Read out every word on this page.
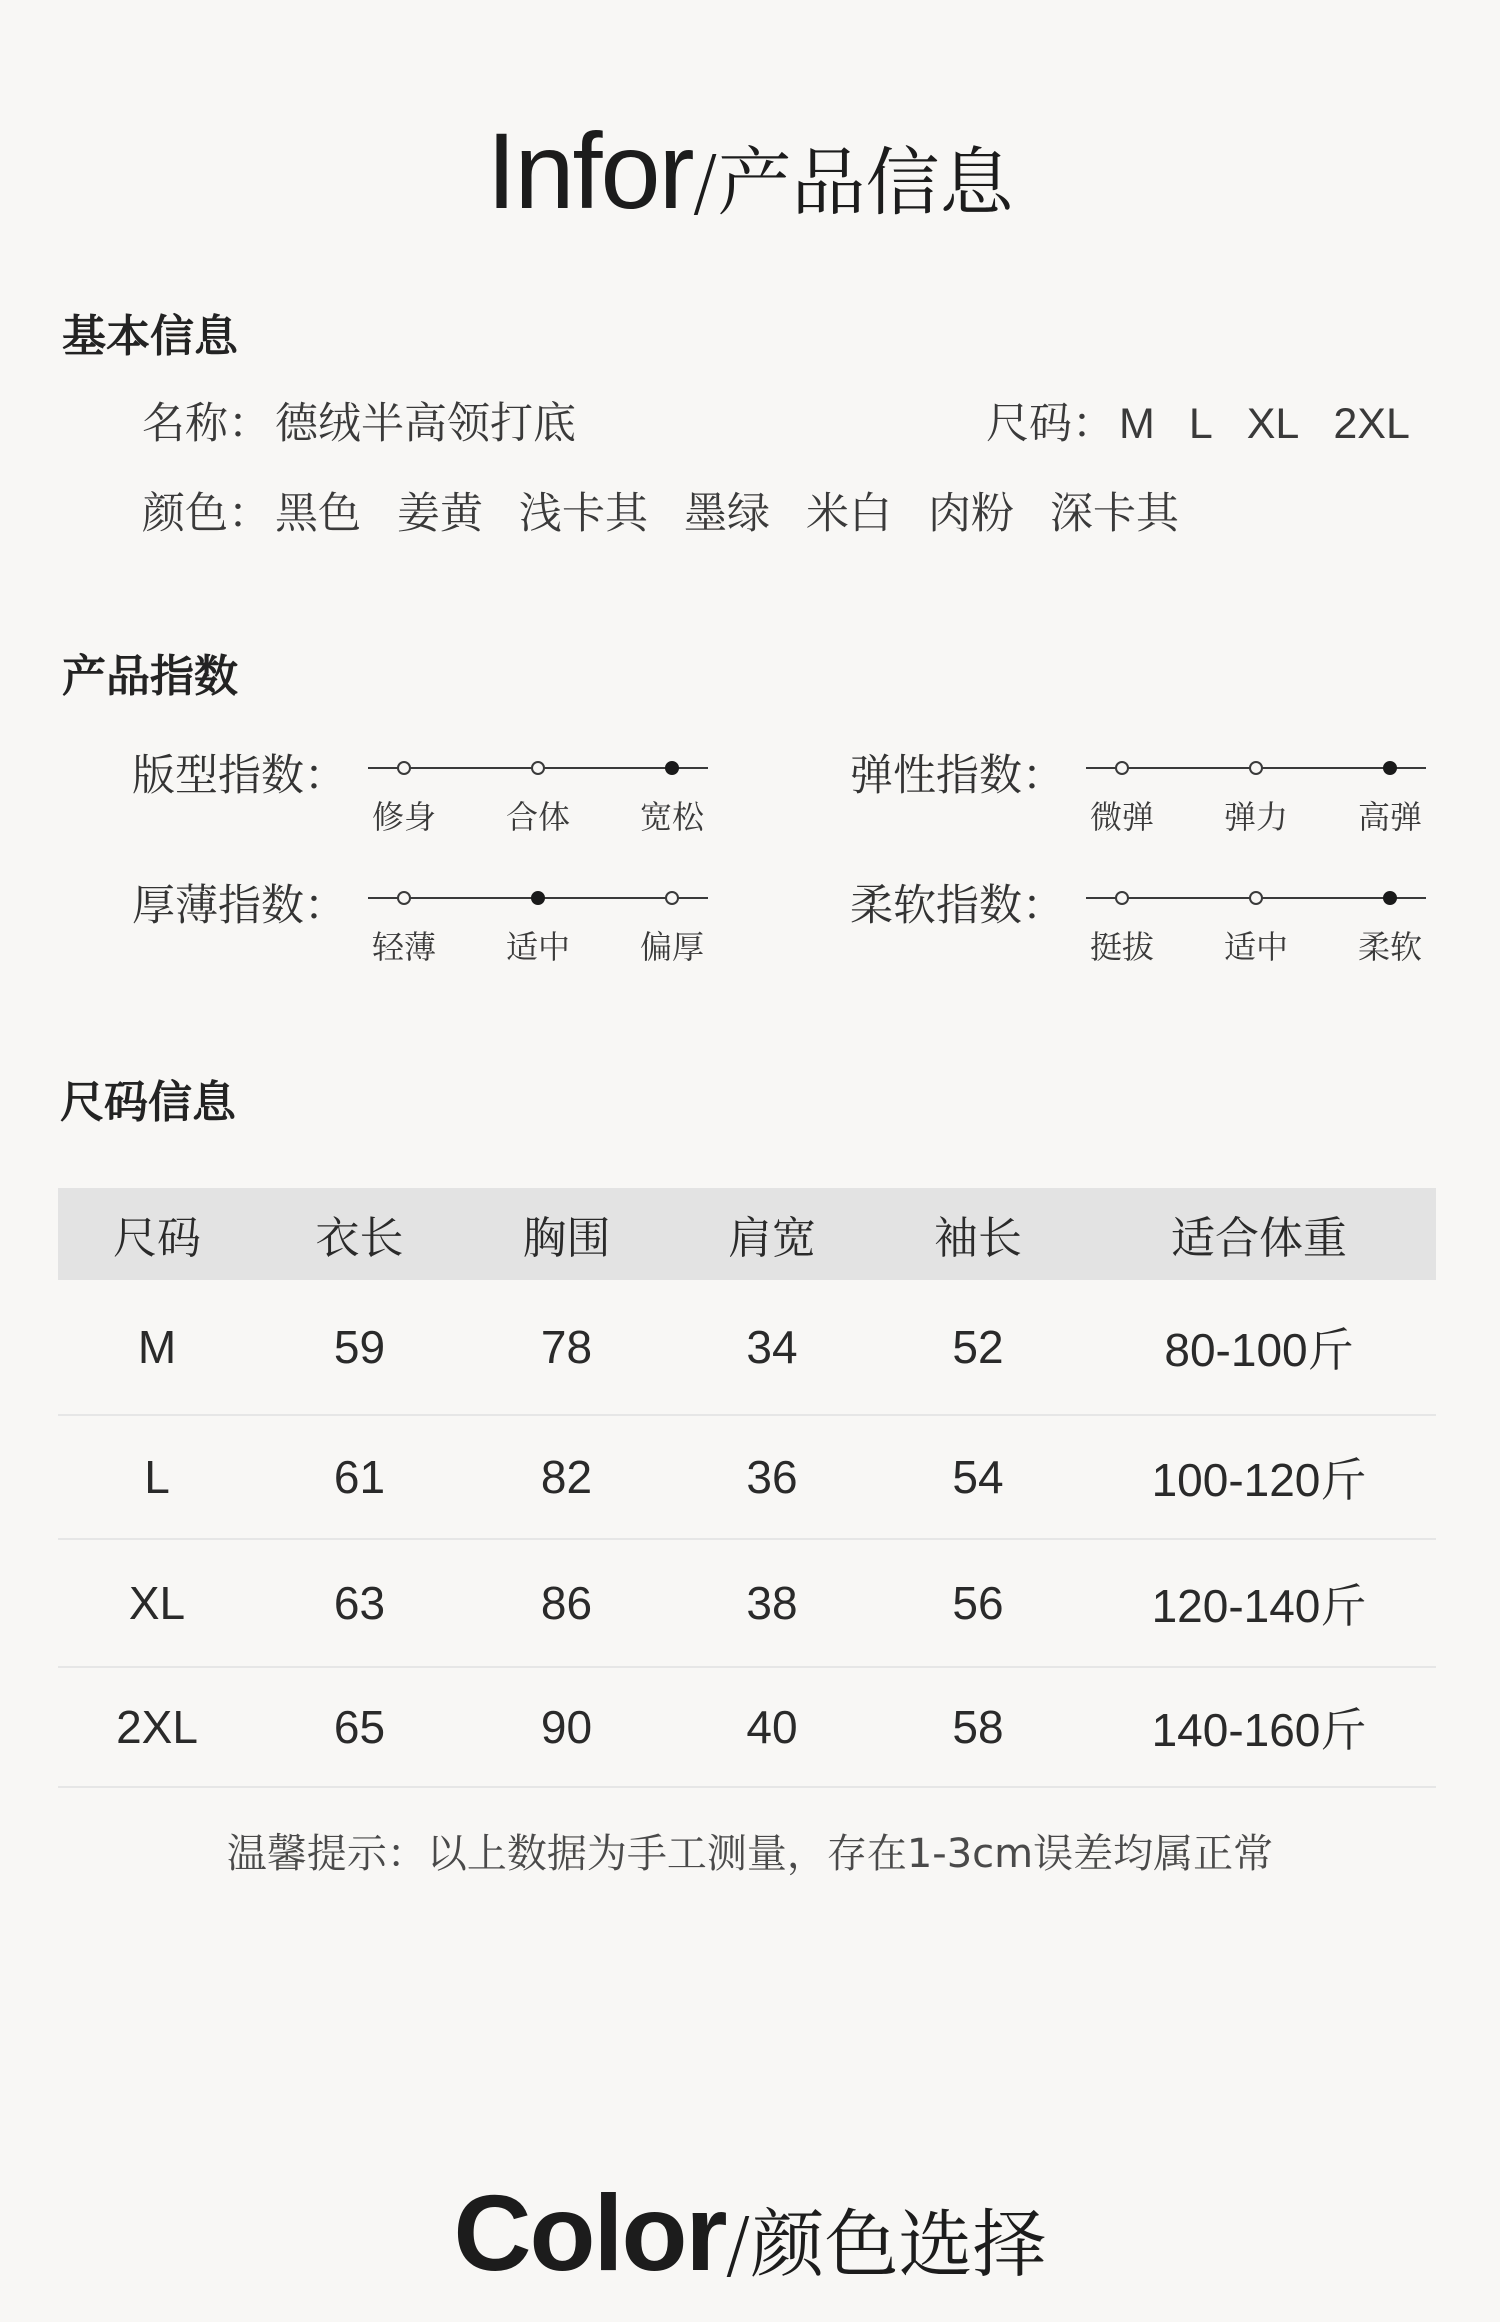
Infor/产品信息
基本信息
名称：德绒半高领打底	尺码：M L XL 2XL
颜色：黑色 姜黄 浅卡其 墨绿 米白 肉粉 深卡其
产品指数
版型指数：
修身 合体 宽松
弹性指数：
微弹 弹力 高弹
厚薄指数：
轻薄 适中 偏厚
柔软指数：
挺拔 适中 柔软
尺码信息
尺码	衣长	胸围	肩宽	袖长	适合体重
M	59	78	34	52	80-100斤
L	61	82	36	54	100-120斤
XL	63	86	38	56	120-140斤
2XL	65	90	40	58	140-160斤
温馨提示：以上数据为手工测量，存在1-3cm误差均属正常
Color/颜色选择
